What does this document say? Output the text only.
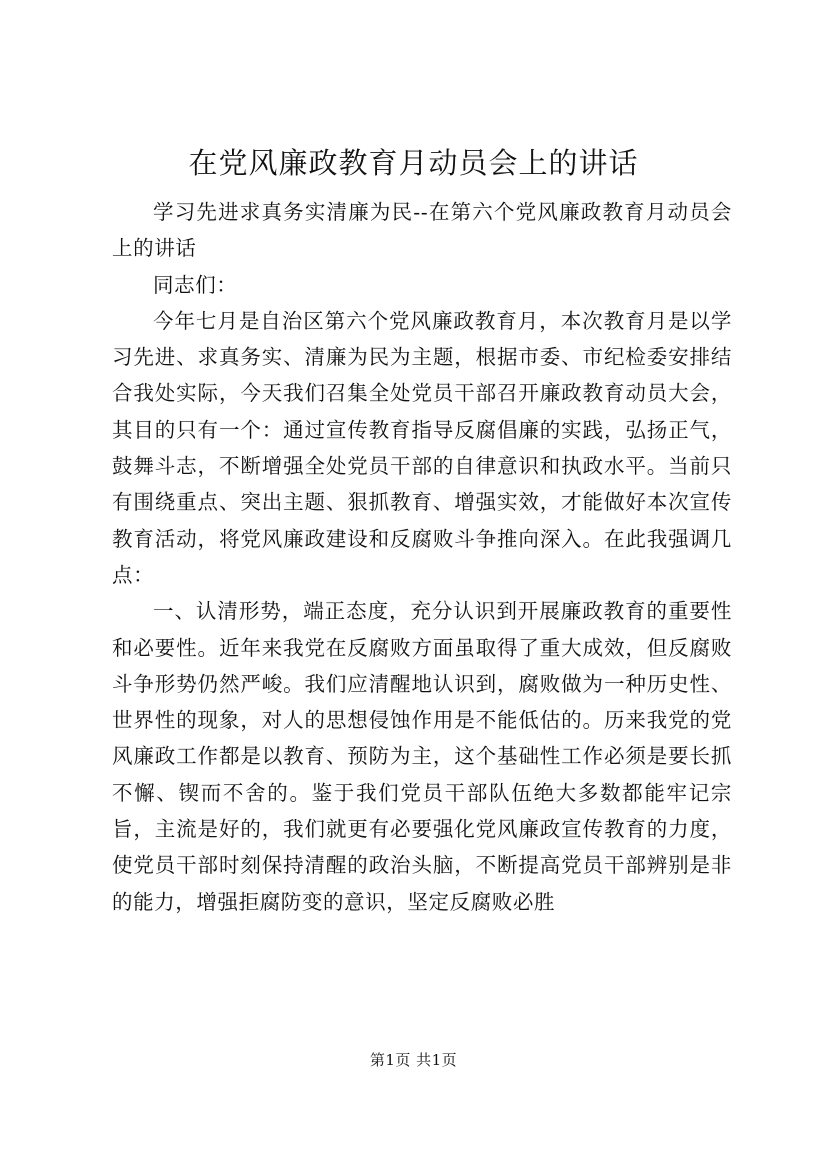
在党风廉政教育月动员会上的讲话

学习先进求真务实清廉为民--在第六个党风廉政教育月动员会上的讲话

同志们：

今年七月是自治区第六个党风廉政教育月，本次教育月是以学习先进、求真务实、清廉为民为主题，根据市委、市纪检委安排结合我处实际，今天我们召集全处党员干部召开廉政教育动员大会，其目的只有一个：通过宣传教育指导反腐倡廉的实践，弘扬正气，鼓舞斗志，不断增强全处党员干部的自律意识和执政水平。当前只有围绕重点、突出主题、狠抓教育、增强实效，才能做好本次宣传教育活动，将党风廉政建设和反腐败斗争推向深入。在此我强调几点：

一、认清形势，端正态度，充分认识到开展廉政教育的重要性和必要性。近年来我党在反腐败方面虽取得了重大成效，但反腐败斗争形势仍然严峻。我们应清醒地认识到，腐败做为一种历史性、世界性的现象，对人的思想侵蚀作用是不能低估的。历来我党的党风廉政工作都是以教育、预防为主，这个基础性工作必须是要长抓不懈、锲而不舍的。鉴于我们党员干部队伍绝大多数都能牢记宗旨，主流是好的，我们就更有必要强化党风廉政宣传教育的力度，使党员干部时刻保持清醒的政治头脑，不断提高党员干部辨别是非的能力，增强拒腐防变的意识，坚定反腐败必胜

第1页 共1页
